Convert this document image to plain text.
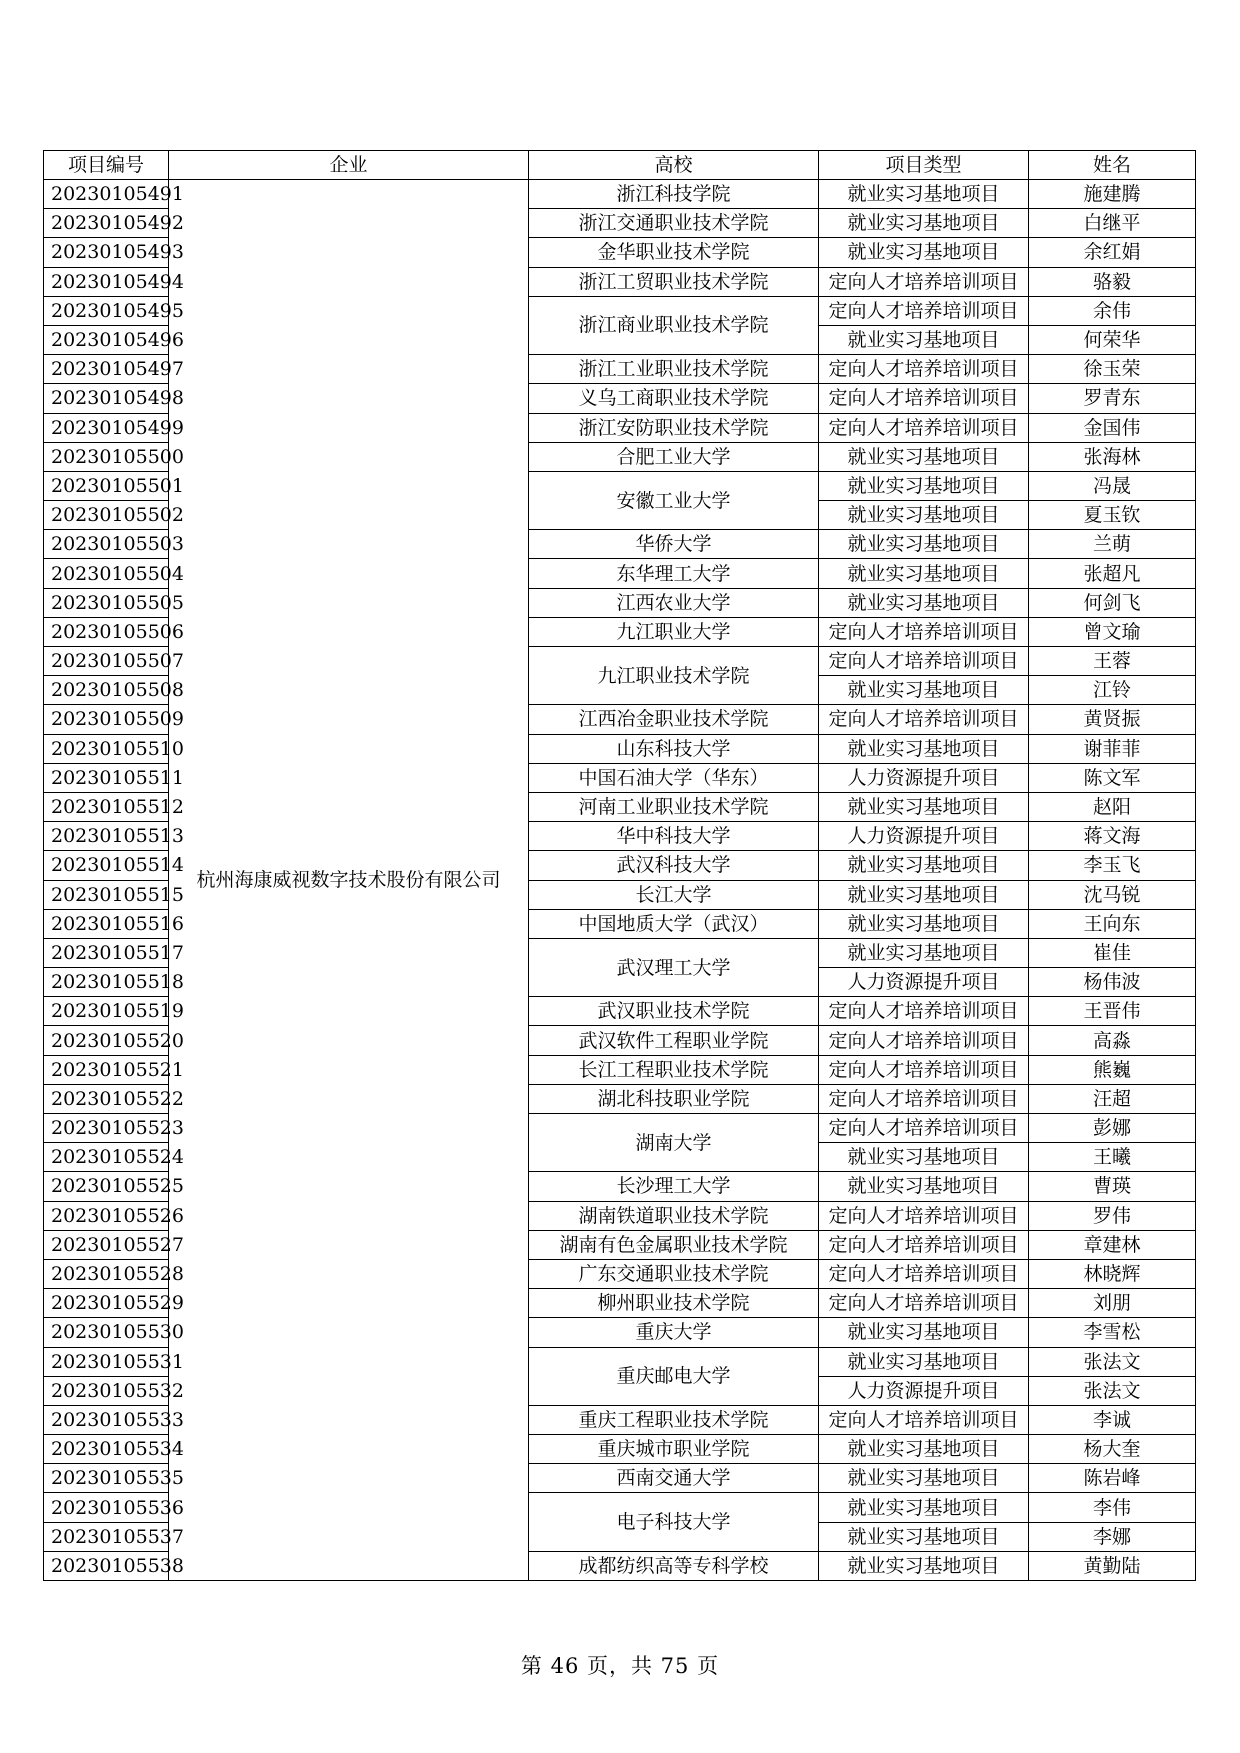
项目编号	企业	高校	项目类型	姓名
20230105491	杭州海康威视数字技术股份有限公司	浙江科技学院	就业实习基地项目	施建腾
20230105492		浙江交通职业技术学院	就业实习基地项目	白继平
20230105493		金华职业技术学院	就业实习基地项目	余红娟
20230105494		浙江工贸职业技术学院	定向人才培养培训项目	骆毅
20230105495		浙江商业职业技术学院	定向人才培养培训项目	余伟
20230105496			就业实习基地项目	何荣华
20230105497		浙江工业职业技术学院	定向人才培养培训项目	徐玉荣
20230105498		义乌工商职业技术学院	定向人才培养培训项目	罗青东
20230105499		浙江安防职业技术学院	定向人才培养培训项目	金国伟
20230105500		合肥工业大学	就业实习基地项目	张海林
20230105501		安徽工业大学	就业实习基地项目	冯晟
20230105502			就业实习基地项目	夏玉钦
20230105503		华侨大学	就业实习基地项目	兰萌
20230105504		东华理工大学	就业实习基地项目	张超凡
20230105505		江西农业大学	就业实习基地项目	何剑飞
20230105506		九江职业大学	定向人才培养培训项目	曾文瑜
20230105507		九江职业技术学院	定向人才培养培训项目	王蓉
20230105508			就业实习基地项目	江铃
20230105509		江西冶金职业技术学院	定向人才培养培训项目	黄贤振
20230105510		山东科技大学	就业实习基地项目	谢菲菲
20230105511		中国石油大学（华东）	人力资源提升项目	陈文军
20230105512		河南工业职业技术学院	就业实习基地项目	赵阳
20230105513		华中科技大学	人力资源提升项目	蒋文海
20230105514		武汉科技大学	就业实习基地项目	李玉飞
20230105515		长江大学	就业实习基地项目	沈马锐
20230105516		中国地质大学（武汉）	就业实习基地项目	王向东
20230105517		武汉理工大学	就业实习基地项目	崔佳
20230105518			人力资源提升项目	杨伟波
20230105519		武汉职业技术学院	定向人才培养培训项目	王晋伟
20230105520		武汉软件工程职业学院	定向人才培养培训项目	高淼
20230105521		长江工程职业技术学院	定向人才培养培训项目	熊巍
20230105522		湖北科技职业学院	定向人才培养培训项目	汪超
20230105523		湖南大学	定向人才培养培训项目	彭娜
20230105524			就业实习基地项目	王曦
20230105525		长沙理工大学	就业实习基地项目	曹瑛
20230105526		湖南铁道职业技术学院	定向人才培养培训项目	罗伟
20230105527		湖南有色金属职业技术学院	定向人才培养培训项目	章建林
20230105528		广东交通职业技术学院	定向人才培养培训项目	林晓辉
20230105529		柳州职业技术学院	定向人才培养培训项目	刘朋
20230105530		重庆大学	就业实习基地项目	李雪松
20230105531		重庆邮电大学	就业实习基地项目	张法文
20230105532			人力资源提升项目	张法文
20230105533		重庆工程职业技术学院	定向人才培养培训项目	李诚
20230105534		重庆城市职业学院	就业实习基地项目	杨大奎
20230105535		西南交通大学	就业实习基地项目	陈岩峰
20230105536		电子科技大学	就业实习基地项目	李伟
20230105537			就业实习基地项目	李娜
20230105538		成都纺织高等专科学校	就业实习基地项目	黄勤陆
第 46 页，共 75 页
